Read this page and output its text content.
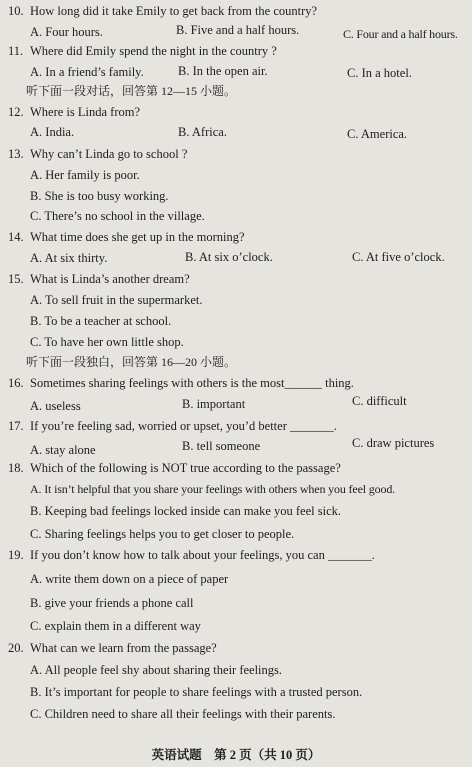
10. How long did it take Emily to get back from the country?
A. Four hours.	B. Five and a half hours.	C. Four and a half hours.
11. Where did Emily spend the night in the country ?
A. In a friend’s family.	B. In the open air.	C. In a hotel.
听下面一段对话，回答第 12—15 小题。
12. Where is Linda from?
A. India.	B. Africa.	C. America.
13. Why can’t Linda go to school ?
A. Her family is poor.
B. She is too busy working.
C. There’s no school in the village.
14. What time does she get up in the morning?
A. At six thirty.	B. At six o’clock.	C. At five o’clock.
15. What is Linda’s another dream?
A. To sell fruit in the supermarket.
B. To be a teacher at school.
C. To have her own little shop.
听下面一段独白，回答第 16—20 小题。
16. Sometimes sharing feelings with others is the most______ thing.
A. useless	B. important	C. difficult
17. If you’re feeling sad, worried or upset, you’d better _______.
A. stay alone	B. tell someone	C. draw pictures
18. Which of the following is NOT true according to the passage?
A. It isn’t helpful that you share your feelings with others when you feel good.
B. Keeping bad feelings locked inside can make you feel sick.
C. Sharing feelings helps you to get closer to people.
19. If you don’t know how to talk about your feelings, you can _______.
A. write them down on a piece of paper
B. give your friends a phone call
C. explain them in a different way
20. What can we learn from the passage?
A. All people feel shy about sharing their feelings.
B. It’s important for people to share feelings with a trusted person.
C. Children need to share all their feelings with their parents.
英语试题　第 2 页（共 10 页）
